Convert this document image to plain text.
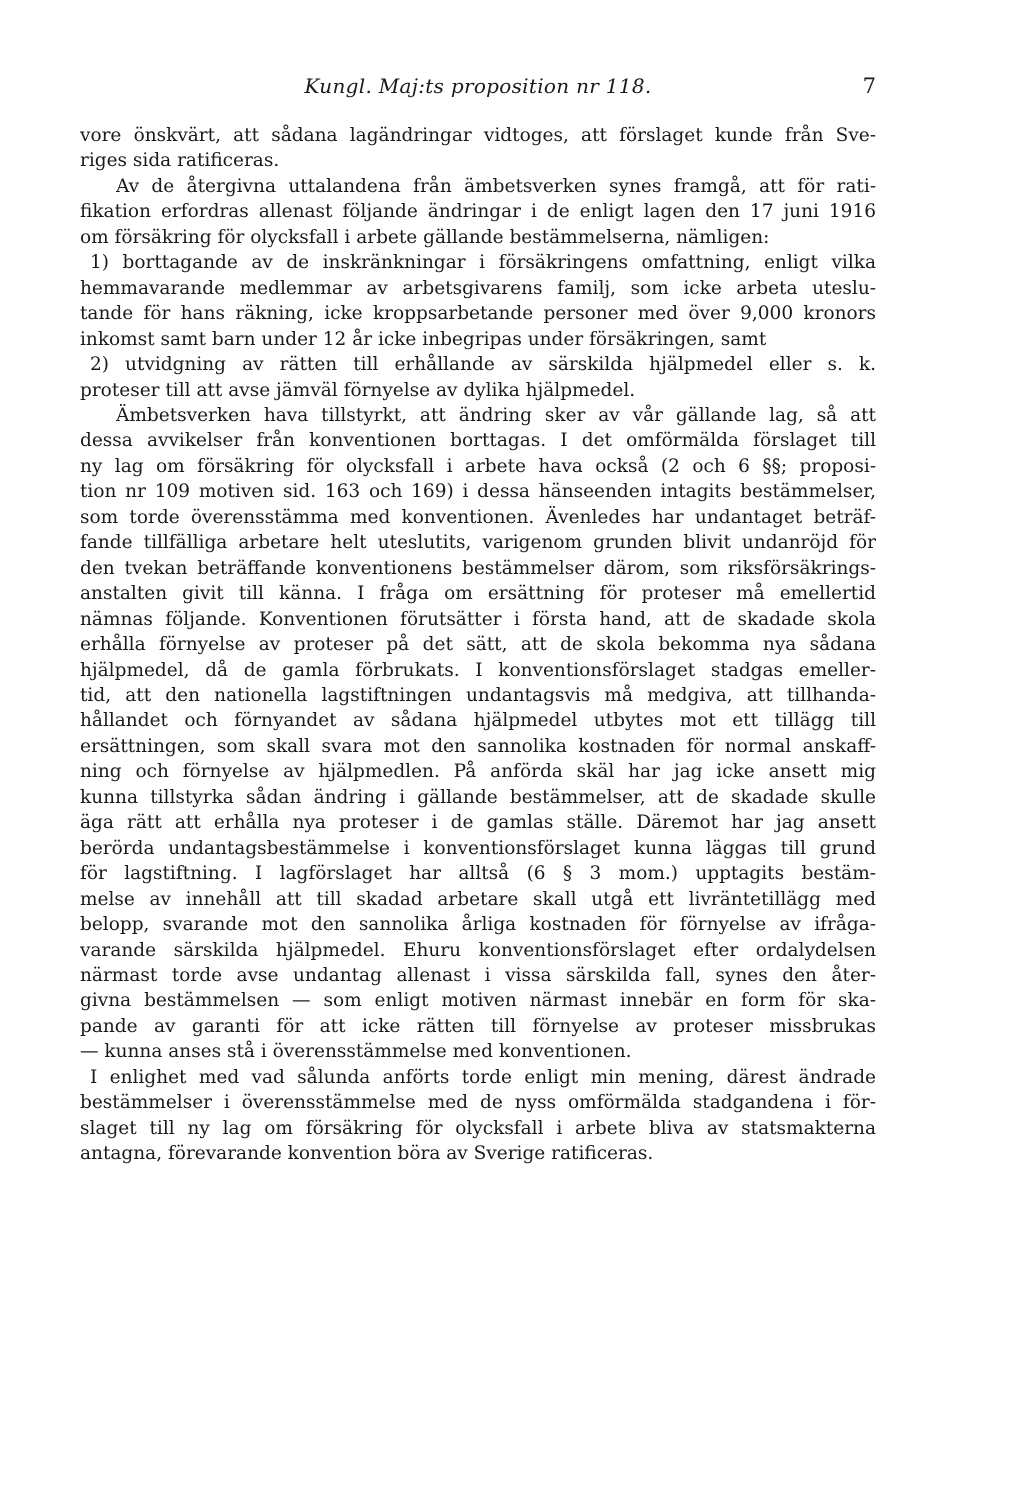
Kungl. Maj:ts proposition nr 118.	7
vore önskvärt, att sådana lagändringar vidtoges, att förslaget kunde från Sve-
riges sida ratificeras.
Av de återgivna uttalandena från ämbetsverken synes framgå, att för rati-
fikation erfordras allenast följande ändringar i de enligt lagen den 17 juni 1916
om försäkring för olycksfall i arbete gällande bestämmelserna, nämligen:
1) borttagande av de inskränkningar i försäkringens omfattning, enligt vilka
hemmavarande medlemmar av arbetsgivarens familj, som icke arbeta uteslu-
tande för hans räkning, icke kroppsarbetande personer med över 9,000 kronors
inkomst samt barn under 12 år icke inbegripas under försäkringen, samt
2) utvidgning av rätten till erhållande av särskilda hjälpmedel eller s. k.
proteser till att avse jämväl förnyelse av dylika hjälpmedel.
Ämbetsverken hava tillstyrkt, att ändring sker av vår gällande lag, så att
dessa avvikelser från konventionen borttagas. I det omförmälda förslaget till
ny lag om försäkring för olycksfall i arbete hava också (2 och 6 §§; proposi-
tion nr 109 motiven sid. 163 och 169) i dessa hänseenden intagits bestämmelser,
som torde överensstämma med konventionen. Ävenledes har undantaget beträf-
fande tillfälliga arbetare helt uteslutits, varigenom grunden blivit undanröjd för
den tvekan beträffande konventionens bestämmelser därom, som riksförsäkrings-
anstalten givit till känna. I fråga om ersättning för proteser må emellertid
nämnas följande. Konventionen förutsätter i första hand, att de skadade skola
erhålla förnyelse av proteser på det sätt, att de skola bekomma nya sådana
hjälpmedel, då de gamla förbrukats. I konventionsförslaget stadgas emeller-
tid, att den nationella lagstiftningen undantagsvis må medgiva, att tillhanda-
hållandet och förnyandet av sådana hjälpmedel utbytes mot ett tillägg till
ersättningen, som skall svara mot den sannolika kostnaden för normal anskaff-
ning och förnyelse av hjälpmedlen. På anförda skäl har jag icke ansett mig
kunna tillstyrka sådan ändring i gällande bestämmelser, att de skadade skulle
äga rätt att erhålla nya proteser i de gamlas ställe. Däremot har jag ansett
berörda undantagsbestämmelse i konventionsförslaget kunna läggas till grund
för lagstiftning. I lagförslaget har alltså (6 § 3 mom.) upptagits bestäm-
melse av innehåll att till skadad arbetare skall utgå ett livräntetillägg med
belopp, svarande mot den sannolika årliga kostnaden för förnyelse av ifråga-
varande särskilda hjälpmedel. Ehuru konventionsförslaget efter ordalydelsen
närmast torde avse undantag allenast i vissa särskilda fall, synes den åter-
givna bestämmelsen — som enligt motiven närmast innebär en form för ska-
pande av garanti för att icke rätten till förnyelse av proteser missbrukas
— kunna anses stå i överensstämmelse med konventionen.
I enlighet med vad sålunda anförts torde enligt min mening, därest ändrade
bestämmelser i överensstämmelse med de nyss omförmälda stadgandena i för-
slaget till ny lag om försäkring för olycksfall i arbete bliva av statsmakterna
antagna, förevarande konvention böra av Sverige ratificeras.
